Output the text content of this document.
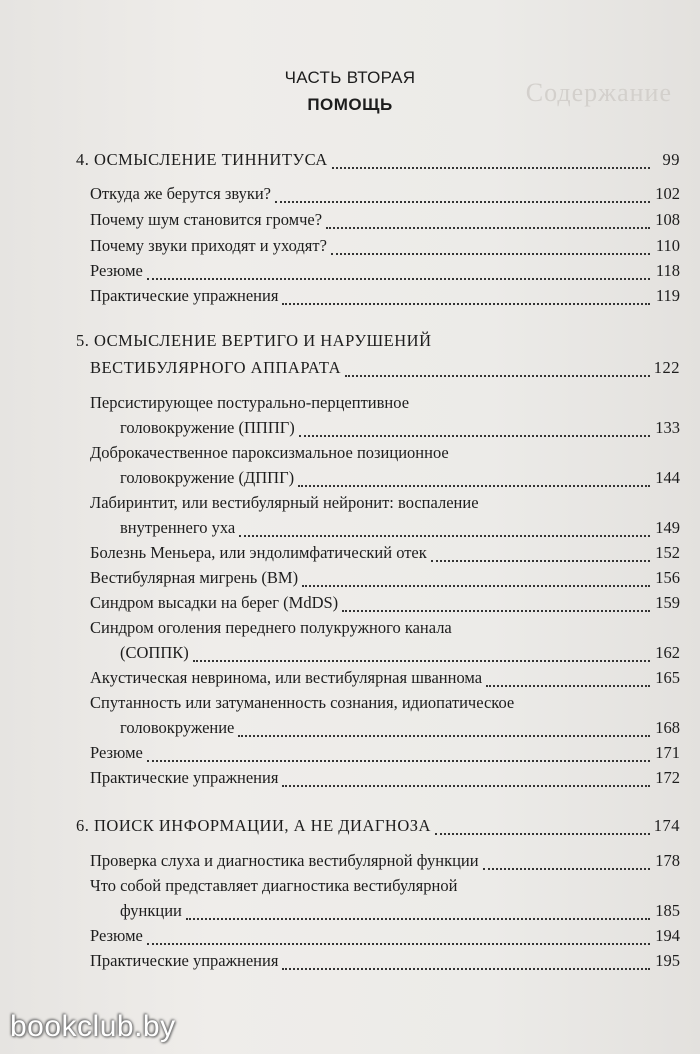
Содержание
ЧАСТЬ ВТОРАЯ
ПОМОЩЬ
4. ОСМЫСЛЕНИЕ ТИННИТУСА	99
Откуда же берутся звуки?	102
Почему шум становится громче?	108
Почему звуки приходят и уходят?	110
Резюме	118
Практические упражнения	119
5. ОСМЫСЛЕНИЕ ВЕРТИГО И НАРУШЕНИЙ
ВЕСТИБУЛЯРНОГО АППАРАТА	122
Персистирующее постурально-перцептивное
головокружение (ПППГ)	133
Доброкачественное пароксизмальное позиционное
головокружение (ДППГ)	144
Лабиринтит, или вестибулярный нейронит: воспаление
внутреннего уха	149
Болезнь Меньера, или эндолимфатический отек	152
Вестибулярная мигрень (ВМ)	156
Синдром высадки на берег (MdDS)	159
Синдром оголения переднего полукружного канала
(СОППК)	162
Акустическая невринома, или вестибулярная шваннома	165
Спутанность или затуманенность сознания, идиопатическое
головокружение	168
Резюме	171
Практические упражнения	172
6. ПОИСК ИНФОРМАЦИИ, А НЕ ДИАГНОЗА	174
Проверка слуха и диагностика вестибулярной функции	178
Что собой представляет диагностика вестибулярной
функции	185
Резюме	194
Практические упражнения	195
bookclub.by
